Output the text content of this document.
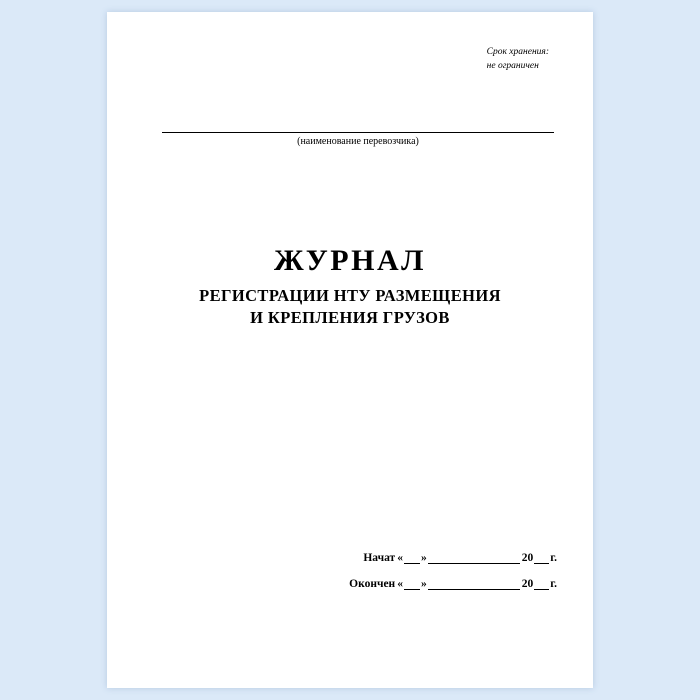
Срок хранения:
не ограничен
(наименование перевозчика)
ЖУРНАЛ
РЕГИСТРАЦИИ НТУ РАЗМЕЩЕНИЯ
И КРЕПЛЕНИЯ ГРУЗОВ
Начат « »	20 г.
Окончен « »	20 г.
